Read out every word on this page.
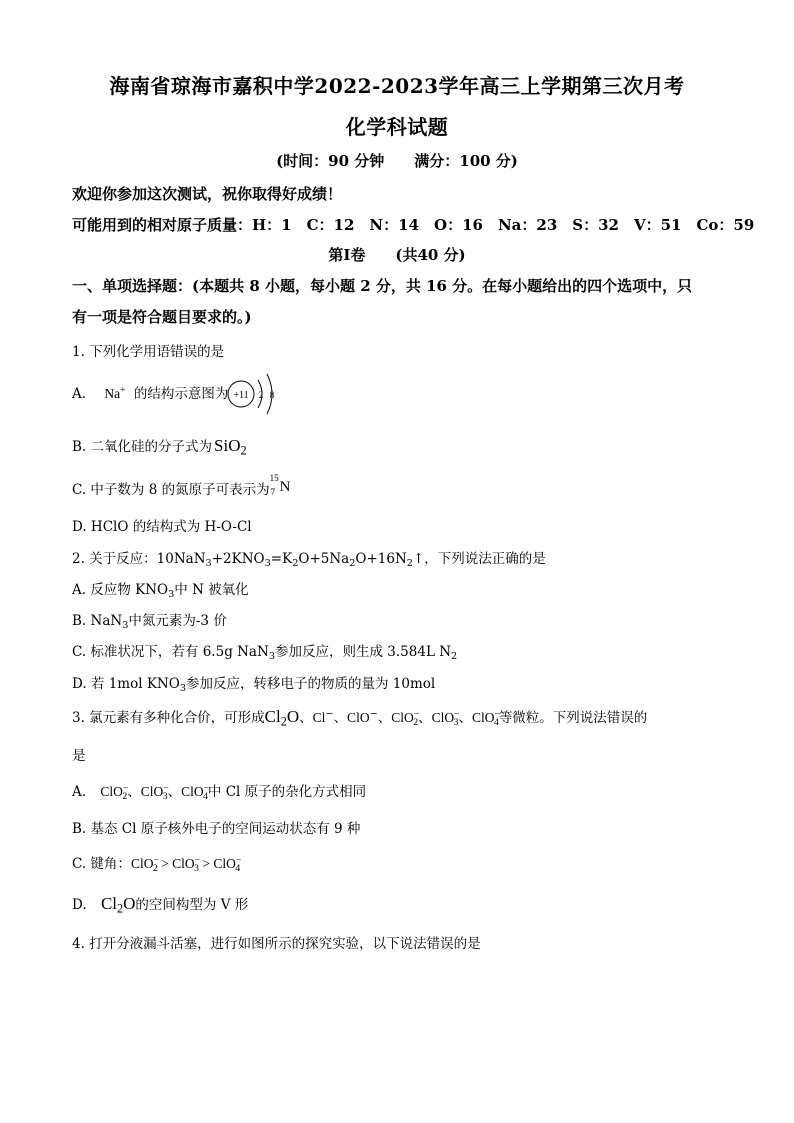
海南省琼海市嘉积中学2022-2023学年高三上学期第三次月考
化学科试题
(时间：90 分钟　　满分：100 分)
欢迎你参加这次测试，祝你取得好成绩！
可能用到的相对原子质量：H：1　C：12　N：14　O：16　Na：23　S：32　V：51　Co：59
第Ⅰ卷　　(共40 分)
一、单项选择题：(本题共 8 小题，每小题 2 分，共 16 分。在每小题给出的四个选项中，只
有一项是符合题目要求的。)
1. 下列化学用语错误的是
A. Na+ 的结构示意图为 +11 2 8
B. 二氧化硅的分子式为 SiO$_2$
C. 中子数为 8 的氮原子可表示为
15
7 N
D. HClO 的结构式为 H-O-Cl
2. 关于反应：$10NaN_3+2KNO_3=K_2O+5Na_2O+16N_2↑$，下列说法正确的是
A. 反应物 $KNO_3$中 N 被氧化
B. NaN$_3$中氮元素为-3 价
C. 标准状况下，若有 6.5g NaN$_3$参加反应，则生成 3.584L $N_2$
D. 若 1mol $KNO_3$参加反应，转移电子的物质的量为 10mol
3. 氯元素有多种化合价，可形成$Cl_2O$、Cl−、ClO−、ClO−$_2$、ClO−$_3$、ClO−$_4$等微粒。下列说法错误的
是
A. ClO−$_2$、ClO−$_3$、ClO−$_4$中 Cl 原子的杂化方式相同
B. 基态 Cl 原子核外电子的空间运动状态有 9 种
C. 键角：ClO−$_2$ > ClO−$_3$ > ClO−$_4$
D. $Cl_2O$的空间构型为 V 形
4. 打开分液漏斗活塞，进行如图所示的探究实验，以下说法错误的是
